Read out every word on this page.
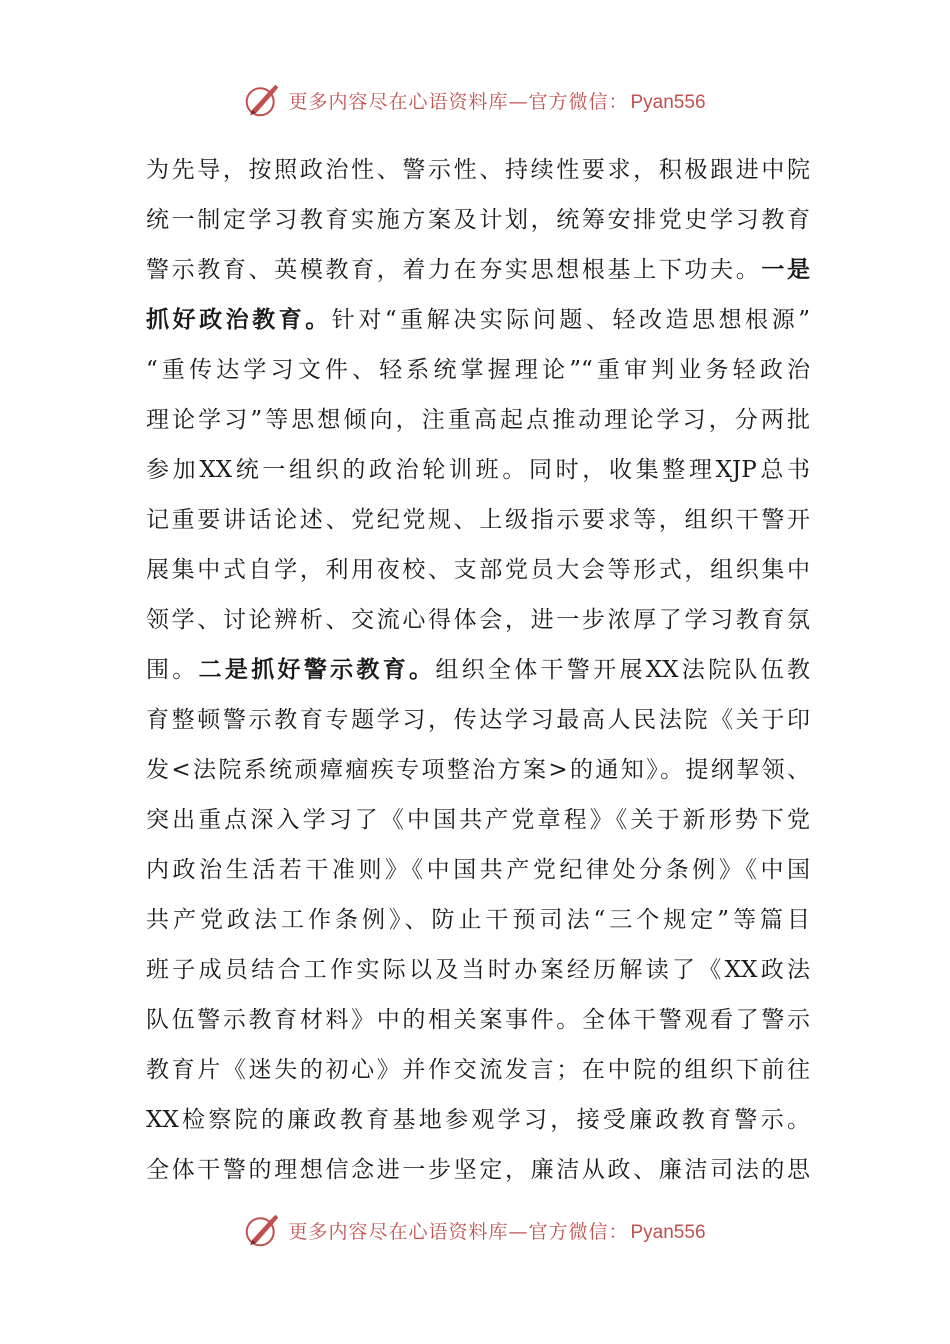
更多内容尽在心语资料库—官方微信： Pyan556
为先导，按照政治性、警示性、持续性要求，积极跟进中院
统一制定学习教育实施方案及计划，统筹安排党史学习教育
警示教育、英模教育，着力在夯实思想根基上下功夫。一是
抓好政治教育。针对“重解决实际问题、轻改造思想根源”
“重传达学习文件、轻系统掌握理论”“重审判业务轻政治
理论学习”等思想倾向，注重高起点推动理论学习，分两批
参加XX统一组织的政治轮训班。同时，收集整理XJP总书
记重要讲话论述、党纪党规、上级指示要求等，组织干警开
展集中式自学，利用夜校、支部党员大会等形式，组织集中
领学、讨论辨析、交流心得体会，进一步浓厚了学习教育氛
围。二是抓好警示教育。组织全体干警开展XX法院队伍教
育整顿警示教育专题学习，传达学习最高人民法院《关于印
发<法院系统顽瘴痼疾专项整治方案>的通知》。提纲挈领、
突出重点深入学习了《中国共产党章程》《关于新形势下党
内政治生活若干准则》《中国共产党纪律处分条例》《中国
共产党政法工作条例》、防止干预司法“三个规定”等篇目
班子成员结合工作实际以及当时办案经历解读了《XX政法
队伍警示教育材料》中的相关案事件。全体干警观看了警示
教育片《迷失的初心》并作交流发言；在中院的组织下前往
XX检察院的廉政教育基地参观学习，接受廉政教育警示。
全体干警的理想信念进一步坚定，廉洁从政、廉洁司法的思
更多内容尽在心语资料库—官方微信： Pyan556
